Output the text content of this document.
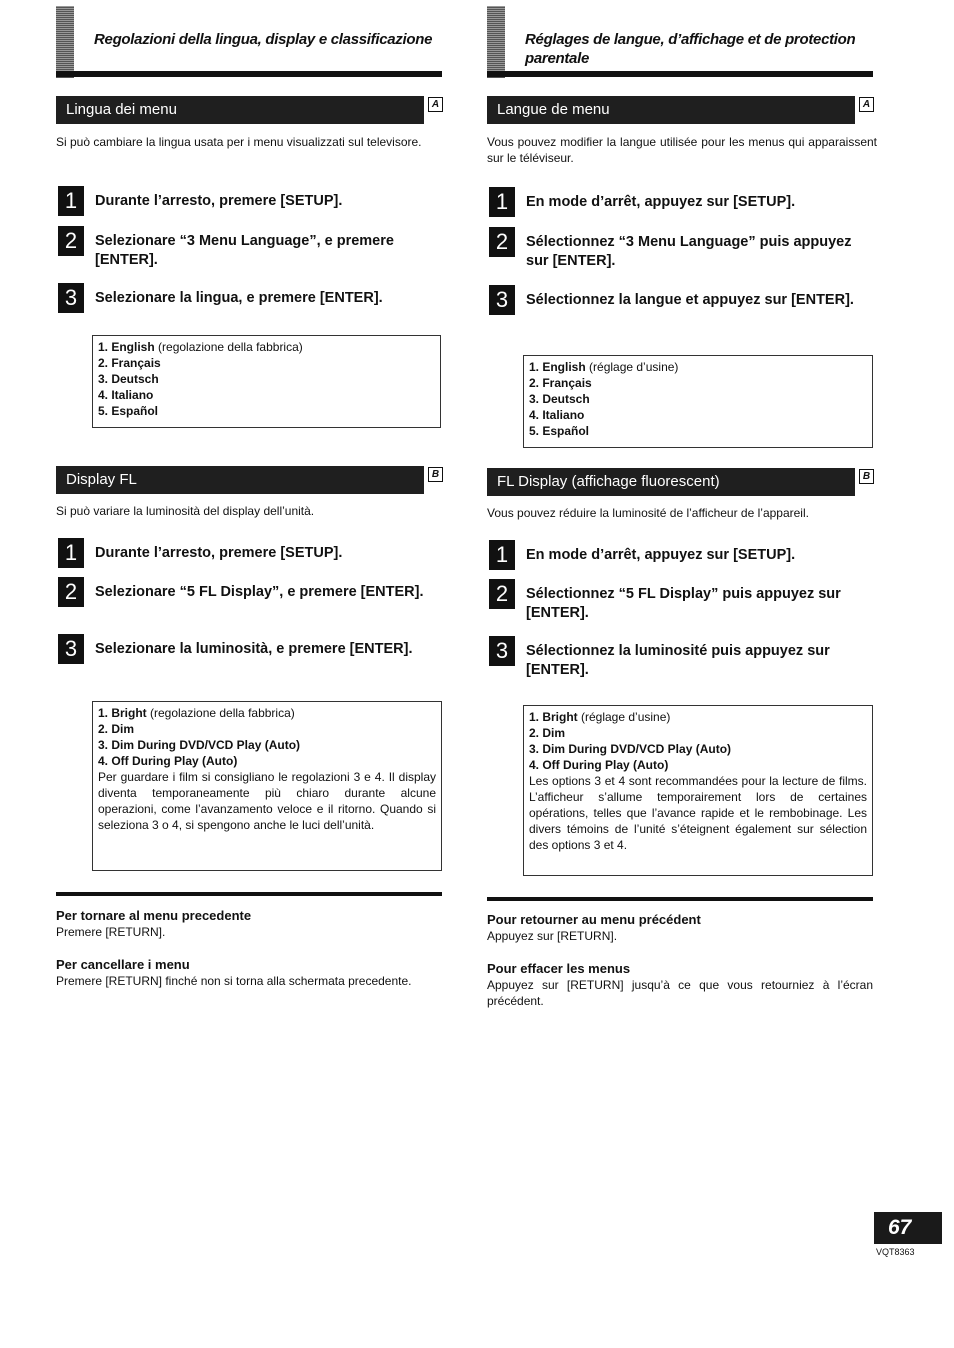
Regolazioni della lingua, display e classificazione
Lingua dei menu	A

Si può cambiare la lingua usata per i menu visualizzati sul televisore.

1	Durante l’arresto, premere [SETUP].
2	Selezionare “3 Menu Language”, e premere [ENTER].
3	Selezionare la lingua, e premere [ENTER].
1. English (regolazione della fabbrica)
2. Français
3. Deutsch
4. Italiano
5. Español
Display FL	B

Si può variare la luminosità del display dell’unità.

1	Durante l’arresto, premere [SETUP].
2	Selezionare “5 FL Display”, e premere [ENTER].
3	Selezionare la luminosità, e premere [ENTER].
1. Bright (regolazione della fabbrica)
2. Dim
3. Dim During DVD/VCD Play (Auto)
4. Off During Play (Auto)
Per guardare i film si consigliano le regolazioni 3 e 4. Il display diventa temporaneamente più chiaro durante alcune operazioni, come l’avanzamento veloce e il ritorno. Quando si seleziona 3 o 4, si spengono anche le luci dell’unità.
Per tornare al menu precedente
Premere [RETURN].
Per cancellare i menu
Premere [RETURN] finché non si torna alla schermata precedente.
Réglages de langue, d’affichage et de protection parentale
Langue de menu	A

Vous pouvez modifier la langue utilisée pour les menus qui apparaissent sur le téléviseur.

1	En mode d’arrêt, appuyez sur [SETUP].
2	Sélectionnez “3 Menu Language” puis appuyez sur [ENTER].
3	Sélectionnez la langue et appuyez sur [ENTER].
1. English (réglage d’usine)
2. Français
3. Deutsch
4. Italiano
5. Español
FL Display (affichage fluorescent)	B

Vous pouvez réduire la luminosité de l’afficheur de l’appareil.

1	En mode d’arrêt, appuyez sur [SETUP].
2	Sélectionnez “5 FL Display” puis appuyez sur [ENTER].
3	Sélectionnez la luminosité puis appuyez sur [ENTER].
1. Bright (réglage d’usine)
2. Dim
3. Dim During DVD/VCD Play (Auto)
4. Off During Play (Auto)
Les options 3 et 4 sont recommandées pour la lecture de films. L’afficheur s’allume temporairement lors de certaines opérations, telles que l’avance rapide et le rembobinage. Les divers témoins de l’unité s’éteignent également sur sélection des options 3 et 4.
Pour retourner au menu précédent
Appuyez sur [RETURN].
Pour effacer les menus
Appuyez sur [RETURN] jusqu’à ce que vous retourniez à l’écran précédent.
67
VQT8363
